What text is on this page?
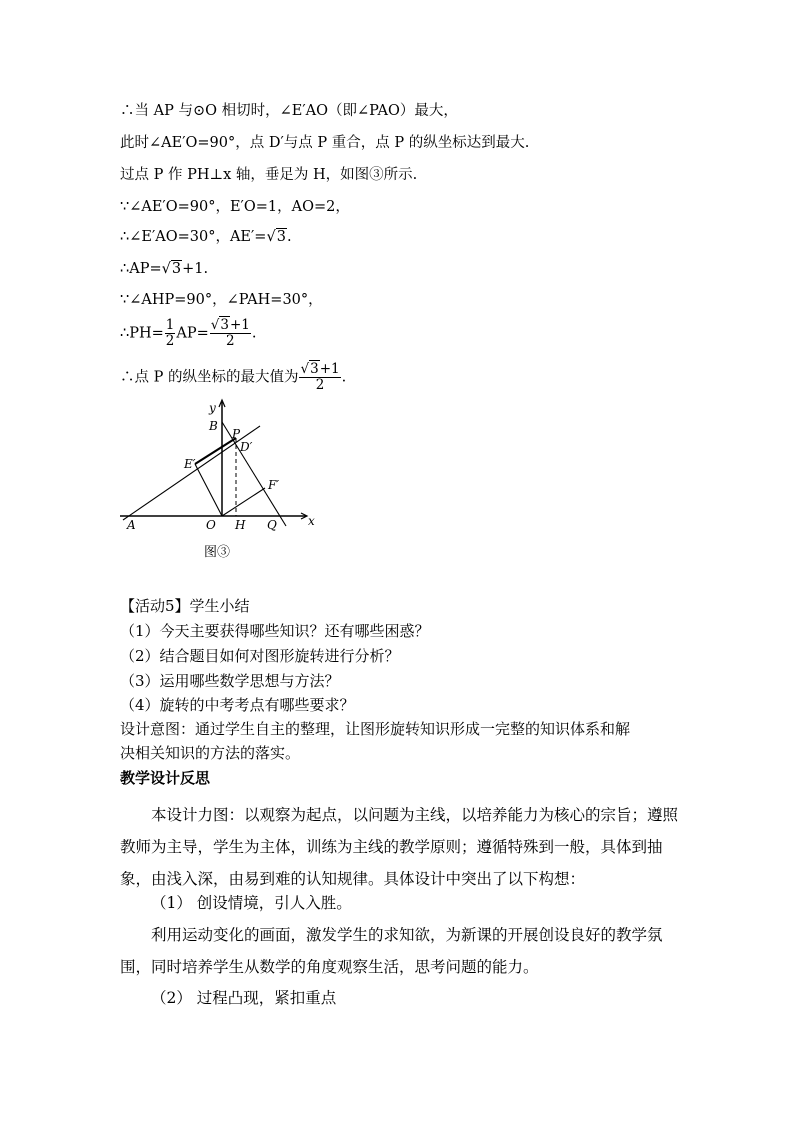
∴当 AP 与⊙O 相切时，∠E′AO（即∠PAO）最大，
此时∠AE′O=90°，点 D′与点 P 重合，点 P 的纵坐标达到最大.
过点 P 作 PH⊥x 轴，垂足为 H，如图③所示.
∵∠AE′O=90°，E′O=1，AO=2，
∴∠E′AO=30°，AE′=√3.
∴AP=√3+1.
∵∠AHP=90°，∠PAH=30°，
∴PH= $\frac{1}{2} AP= \frac{√3+1}{2}$ .
∴点 P 的纵坐标的最大值为 $\frac{√3+1}{2}$ .
y
x
B
P
D′
E′
F′
A	O H Q
图③
【活动5】学生小结
（1）今天主要获得哪些知识？还有哪些困惑？
（2）结合题目如何对图形旋转进行分析？
（3）运用哪些数学思想与方法？
（4）旋转的中考考点有哪些要求？
设计意图：通过学生自主的整理，让图形旋转知识形成一完整的知识体系和解
决相关知识的方法的落实。
教学设计反思

本设计力图：以观察为起点，以问题为主线，以培养能力为核心的宗旨；遵照教师为主导，学生为主体，训练为主线的教学原则；遵循特殊到一般，具体到抽象，由浅入深，由易到难的认知规律。具体设计中突出了以下构想：

（1） 创设情境，引人入胜。

利用运动变化的画面，激发学生的求知欲，为新课的开展创设良好的教学氛围，同时培养学生从数学的角度观察生活，思考问题的能力。

（2） 过程凸现，紧扣重点
